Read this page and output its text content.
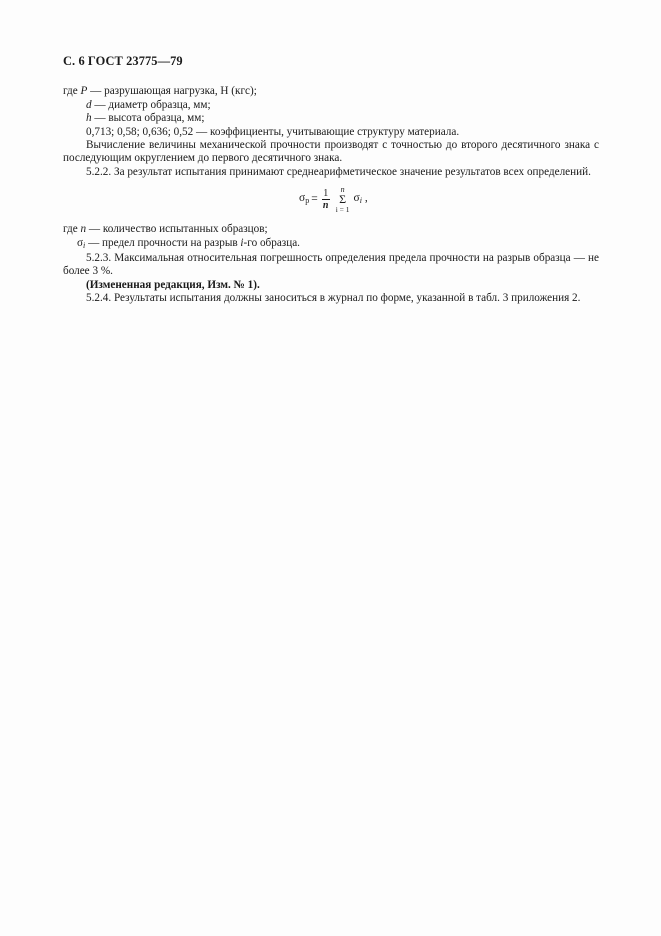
С. 6 ГОСТ 23775—79

где P — разрушающая нагрузка, Н (кгс);

d — диаметр образца, мм;

h — высота образца, мм;

0,713; 0,58; 0,636; 0,52 — коэффициенты, учитывающие структуру материала.

Вычисление величины механической прочности производят с точностью до второго десятичного знака с последующим округлением до первого десятичного знака.

5.2.2. За результат испытания принимают среднеарифметическое значение результатов всех определений.

$\sigma_р = \frac{1}{n}$ n
Σ
i = 1
$\sigma_i$ ,

где n — количество испытанных образцов;

$\sigma_i$ — предел прочности на разрыв i-го образца.

5.2.3. Максимальная относительная погрешность определения предела прочности на разрыв образца — не более 3 %.

(Измененная редакция, Изм. № 1).

5.2.4. Результаты испытания должны заноситься в журнал по форме, указанной в табл. 3 приложения 2.
